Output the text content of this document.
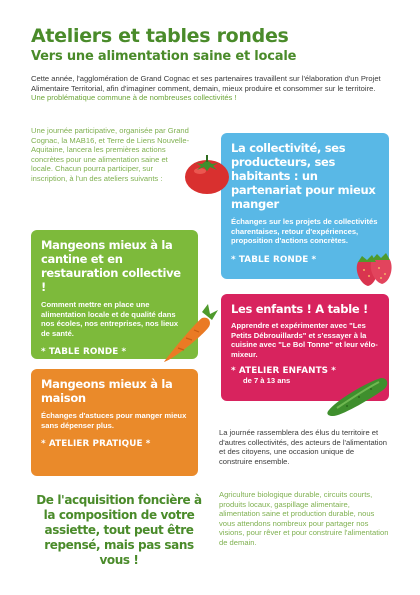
Ateliers et tables rondes
Vers une alimentation saine et locale
Cette année, l'agglomération de Grand Cognac et ses partenaires travaillent sur l'élaboration d'un Projet Alimentaire Territorial, afin d'imaginer comment, demain, mieux produire et consommer sur le territoire. Une problématique commune à de nombreuses collectivités !
Une journée participative, organisée par Grand Cognac, la MAB16, et Terre de Liens Nouvelle-Aquitaine, lancera les premières actions concrètes pour une alimentation saine et locale. Chacun pourra participer, sur inscription, à l'un des ateliers suivants :
La collectivité, ses producteurs, ses habitants : un partenariat pour mieux manger
Échanges sur les projets de collectivités charentaises, retour d'expériences, proposition d'actions concrètes.
* TABLE RONDE *
Mangeons mieux à la cantine et en restauration collective !
Comment mettre en place une alimentation locale et de qualité dans nos écoles, nos entreprises, nos lieux de santé.
* TABLE RONDE *
Les enfants ! A table !
Apprendre et expérimenter avec "Les Petits Débrouillards" et s'essayer à la cuisine avec "Le Bol Tonne" et leur vélo-mixeur.
* ATELIER ENFANTS *
de 7 à 13 ans
Mangeons mieux à la maison
Échanges d'astuces pour manger mieux sans dépenser plus.
* ATELIER PRATIQUE *
La journée rassemblera des élus du territoire et d'autres collectivités, des acteurs de l'alimentation et des citoyens, une occasion unique de construire ensemble.
Agriculture biologique durable, circuits courts, produits locaux, gaspillage alimentaire, alimentation saine et production durable, nous vous attendons nombreux pour partager nos visions, pour rêver et pour construire l'alimentation de demain.
De l'acquisition foncière à la composition de votre assiette, tout peut être repensé, mais pas sans vous !
